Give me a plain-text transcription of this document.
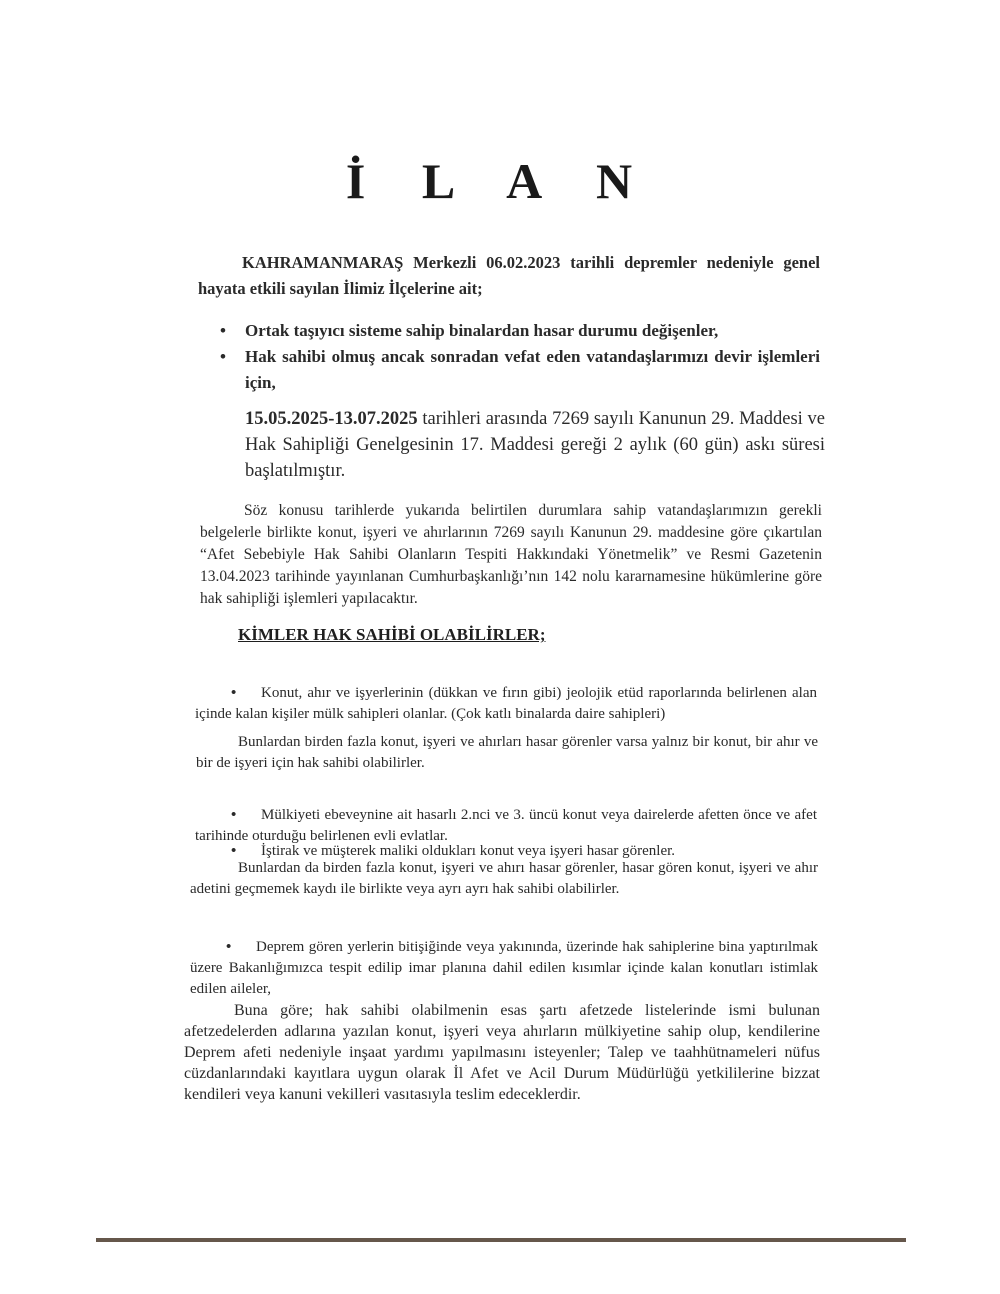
İ L A N

KAHRAMANMARAŞ Merkezli 06.02.2023 tarihli depremler nedeniyle genel hayata etkili sayılan İlimiz İlçelerine ait;

• Ortak taşıyıcı sisteme sahip binalardan hasar durumu değişenler,
• Hak sahibi olmuş ancak sonradan vefat eden vatandaşlarımızı devir işlemleri için,

15.05.2025-13.07.2025 tarihleri arasında 7269 sayılı Kanunun 29. Maddesi ve Hak Sahipliği Genelgesinin 17. Maddesi gereği 2 aylık (60 gün) askı süresi başlatılmıştır.

Söz konusu tarihlerde yukarıda belirtilen durumlara sahip vatandaşlarımızın gerekli belgelerle birlikte konut, işyeri ve ahırlarının 7269 sayılı Kanunun 29. maddesine göre çıkartılan “Afet Sebebiyle Hak Sahibi Olanların Tespiti Hakkındaki Yönetmelik” ve Resmi Gazetenin 13.04.2023 tarihinde yayınlanan Cumhurbaşkanlığı’nın 142 nolu kararnamesine hükümlerine göre hak sahipliği işlemleri yapılacaktır.

KİMLER HAK SAHİBİ OLABİLİRLER;

• Konut, ahır ve işyerlerinin (dükkan ve fırın gibi) jeolojik etüd raporlarında belirlenen alan içinde kalan kişiler mülk sahipleri olanlar. (Çok katlı binalarda daire sahipleri)

Bunlardan birden fazla konut, işyeri ve ahırları hasar görenler varsa yalnız bir konut, bir ahır ve bir de işyeri için hak sahibi olabilirler.

• Mülkiyeti ebeveynine ait hasarlı 2.nci ve 3. üncü konut veya dairelerde afetten önce ve afet tarihinde oturduğu belirlenen evli evlatlar.

• İştirak ve müşterek maliki oldukları konut veya işyeri hasar görenler.

Bunlardan da birden fazla konut, işyeri ve ahırı hasar görenler, hasar gören konut, işyeri ve ahır adetini geçmemek kaydı ile birlikte veya ayrı ayrı hak sahibi olabilirler.

• Deprem gören yerlerin bitişiğinde veya yakınında, üzerinde hak sahiplerine bina yaptırılmak üzere Bakanlığımızca tespit edilip imar planına dahil edilen kısımlar içinde kalan konutları istimlak edilen aileler,

Buna göre; hak sahibi olabilmenin esas şartı afetzede listelerinde ismi bulunan afetzedelerden adlarına yazılan konut, işyeri veya ahırların mülkiyetine sahip olup, kendilerine Deprem afeti nedeniyle inşaat yardımı yapılmasını isteyenler; Talep ve taahhütnameleri nüfus cüzdanlarındaki kayıtlara uygun olarak İl Afet ve Acil Durum Müdürlüğü yetkililerine bizzat kendileri veya kanuni vekilleri vasıtasıyla teslim edeceklerdir.
